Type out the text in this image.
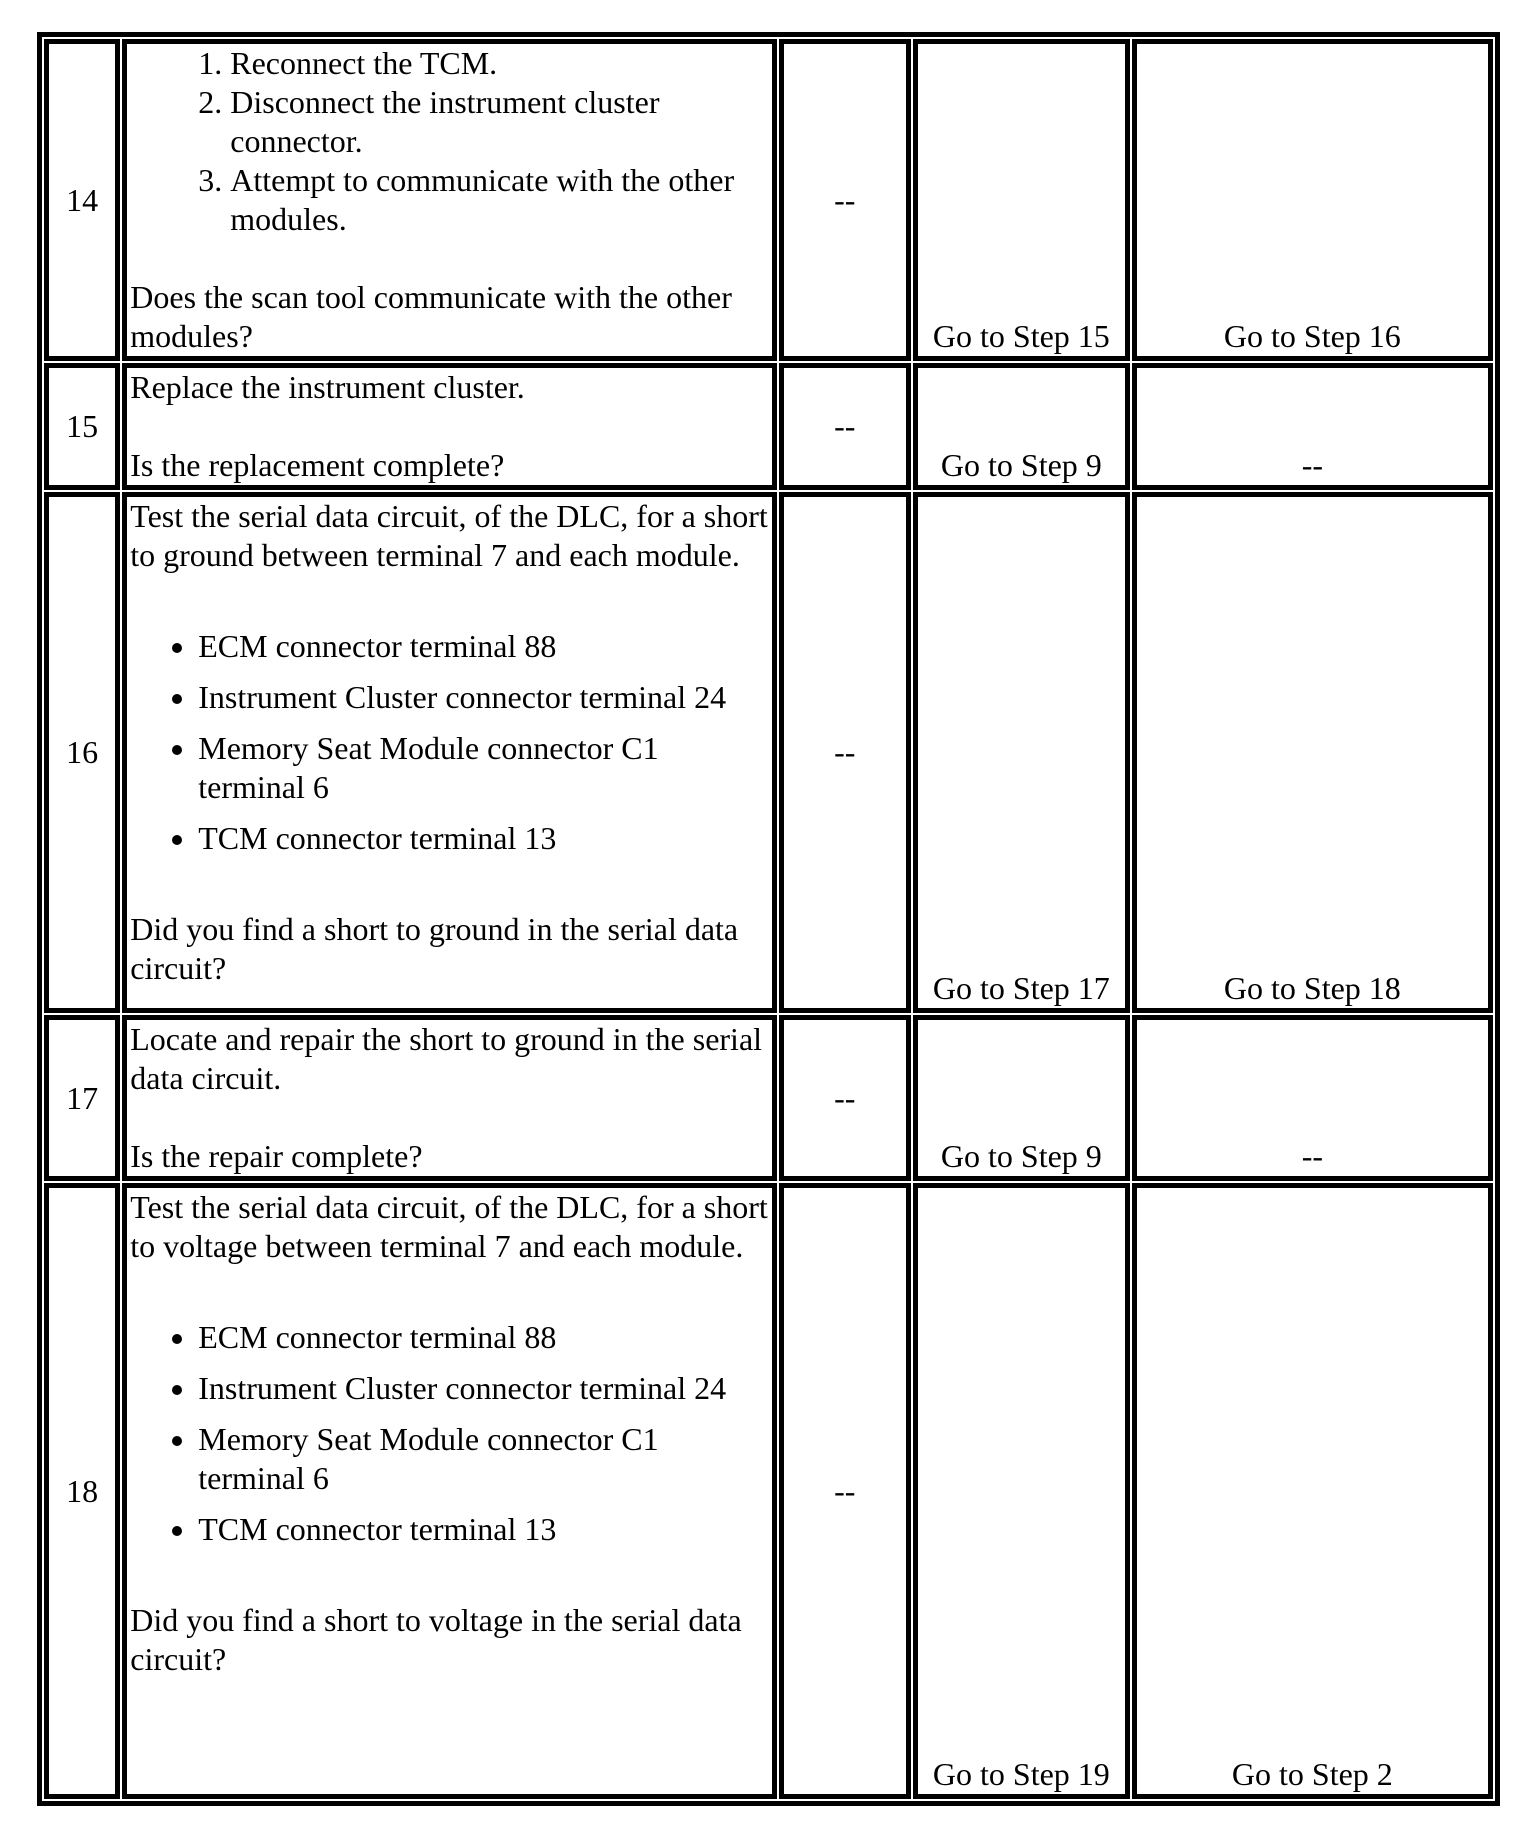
14	
1. Reconnect the TCM.
2. Disconnect the instrument cluster connector.
3. Attempt to communicate with the other modules.

Does the scan tool communicate with the other modules?

	--	Go to Step 15	Go to Step 16
15	Replace the instrument cluster.

Is the replacement complete?	--	Go to Step 9	--
16	

Test the serial data circuit, of the DLC, for a short to ground between terminal 7 and each module.

• ECM connector terminal 88
• Instrument Cluster connector terminal 24
• Memory Seat Module connector C1 terminal 6
• TCM connector terminal 13

Did you find a short to ground in the serial data circuit?

	--	Go to Step 17	Go to Step 18
17	Locate and repair the short to ground in the serial data circuit.

Is the repair complete?	--	Go to Step 9	--
18	

Test the serial data circuit, of the DLC, for a short to voltage between terminal 7 and each module.

• ECM connector terminal 88
• Instrument Cluster connector terminal 24
• Memory Seat Module connector C1 terminal 6
• TCM connector terminal 13

Did you find a short to voltage in the serial data circuit?

	--	Go to Step 19	Go to Step 2
